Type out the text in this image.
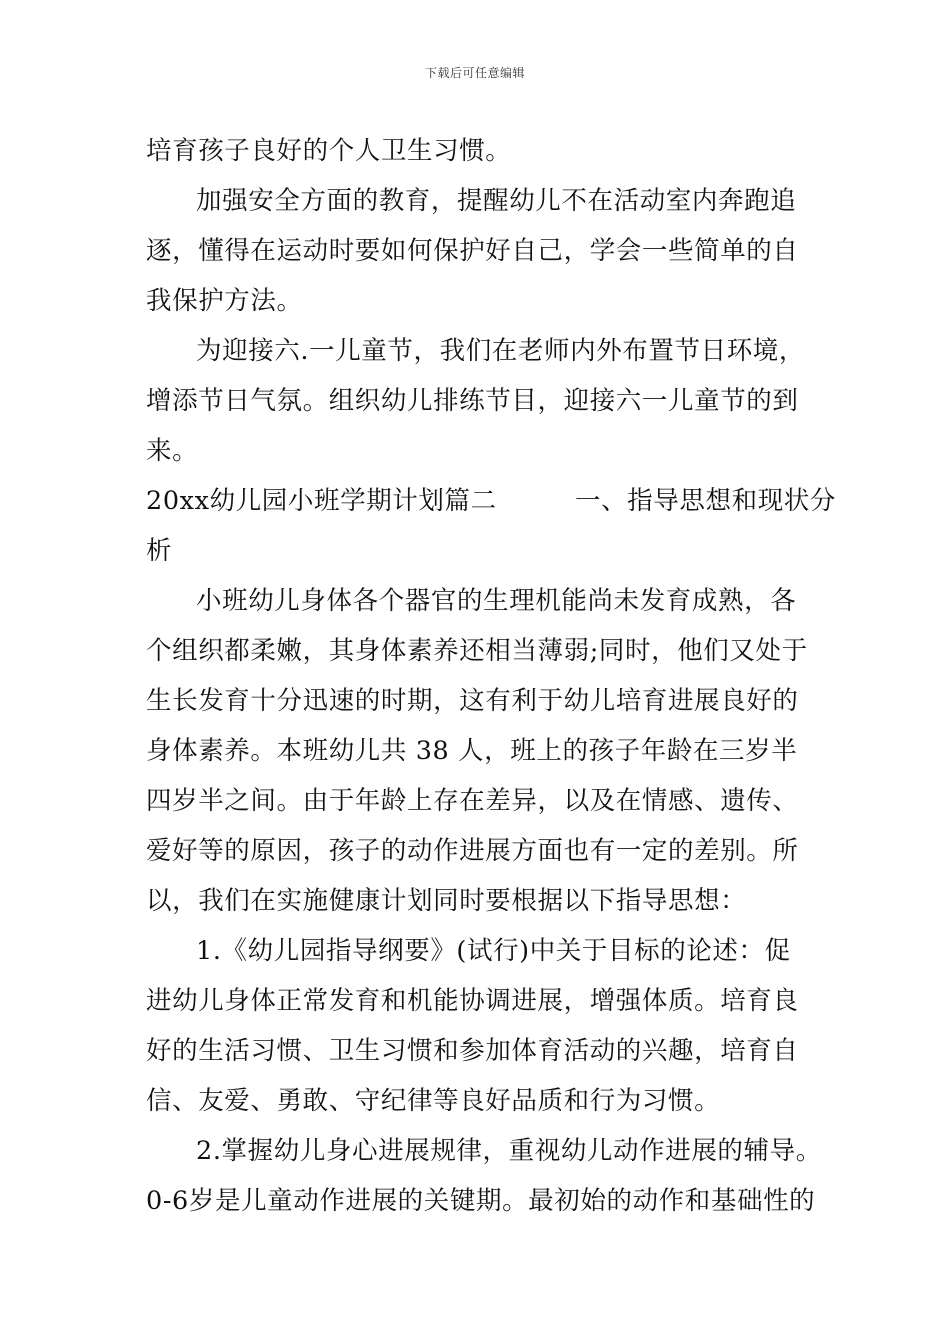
下载后可任意编辑
培育孩子良好的个人卫生习惯。
加强安全方面的教育，提醒幼儿不在活动室内奔跑追
逐，懂得在运动时要如何保护好自己，学会一些简单的自
我保护方法。
为迎接六.一儿童节，我们在老师内外布置节日环境，
增添节日气氛。组织幼儿排练节目，迎接六一儿童节的到
来。
20xx幼儿园小班学期计划篇二　　　一、指导思想和现状分
析
小班幼儿身体各个器官的生理机能尚未发育成熟，各
个组织都柔嫩，其身体素养还相当薄弱;同时，他们又处于
生长发育十分迅速的时期，这有利于幼儿培育进展良好的
身体素养。本班幼儿共 38 人，班上的孩子年龄在三岁半
四岁半之间。由于年龄上存在差异，以及在情感、遗传、
爱好等的原因，孩子的动作进展方面也有一定的差别。所
以，我们在实施健康计划同时要根据以下指导思想：
1.《幼儿园指导纲要》(试行)中关于目标的论述：促
进幼儿身体正常发育和机能协调进展，增强体质。培育良
好的生活习惯、卫生习惯和参加体育活动的兴趣，培育自
信、友爱、勇敢、守纪律等良好品质和行为习惯。
2.掌握幼儿身心进展规律，重视幼儿动作进展的辅导。
0-6岁是儿童动作进展的关键期。最初始的动作和基础性的
